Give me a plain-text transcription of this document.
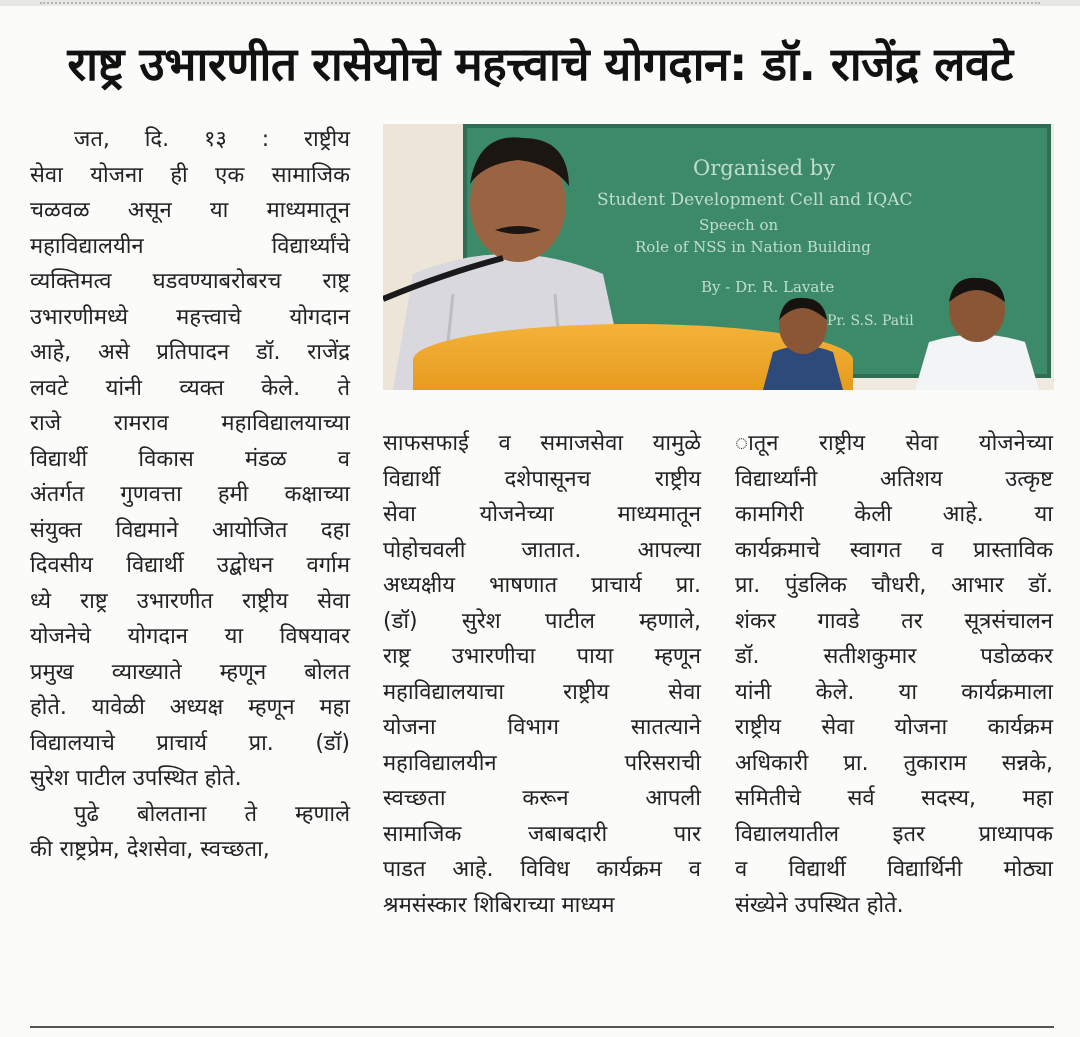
राष्ट्र उभारणीत रासेयोचे महत्त्वाचे योगदान: डॉ. राजेंद्र लवटे
Organised by
Student Development Cell and IQAC
Speech on
Role of NSS in Nation Building
By - Dr. R. Lavate
Pr. S.S. Patil
जत, दि. १३ : राष्ट्रीय
सेवा योजना ही एक सामाजिक
चळवळ असून या माध्यमातून
महाविद्यालयीन विद्यार्थ्यांचे
व्यक्तिमत्व घडवण्याबरोबरच राष्ट्र
उभारणीमध्ये महत्त्वाचे योगदान
आहे, असे प्रतिपादन डॉ. राजेंद्र
लवटे यांनी व्यक्त केले. ते
राजे रामराव महाविद्यालयाच्या
विद्यार्थी विकास मंडळ व
अंतर्गत गुणवत्ता हमी कक्षाच्या
संयुक्त विद्यमाने आयोजित दहा
दिवसीय विद्यार्थी उद्बोधन वर्गाम
ध्ये राष्ट्र उभारणीत राष्ट्रीय सेवा
योजनेचे योगदान या विषयावर
प्रमुख व्याख्याते म्हणून बोलत
होते. यावेळी अध्यक्ष म्हणून महा
विद्यालयाचे प्राचार्य प्रा. (डॉ)
सुरेश पाटील उपस्थित होते.
पुढे बोलताना ते म्हणाले
की राष्ट्रप्रेम, देशसेवा, स्वच्छता,
साफसफाई व समाजसेवा यामुळे
विद्यार्थी दशेपासूनच राष्ट्रीय
सेवा योजनेच्या माध्यमातून
पोहोचवली जातात. आपल्या
अध्यक्षीय भाषणात प्राचार्य प्रा.
(डॉ) सुरेश पाटील म्हणाले,
राष्ट्र उभारणीचा पाया म्हणून
महाविद्यालयाचा राष्ट्रीय सेवा
योजना विभाग सातत्याने
महाविद्यालयीन परिसराची
स्वच्छता करून आपली
सामाजिक जबाबदारी पार
पाडत आहे. विविध कार्यक्रम व
श्रमसंस्कार शिबिराच्या माध्यम
ातून राष्ट्रीय सेवा योजनेच्या
विद्यार्थ्यांनी अतिशय उत्कृष्ट
कामगिरी केली आहे. या
कार्यक्रमाचे स्वागत व प्रास्ताविक
प्रा. पुंडलिक चौधरी, आभार डॉ.
शंकर गावडे तर सूत्रसंचालन
डॉ. सतीशकुमार पडोळकर
यांनी केले. या कार्यक्रमाला
राष्ट्रीय सेवा योजना कार्यक्रम
अधिकारी प्रा. तुकाराम सन्नके,
समितीचे सर्व सदस्य, महा
विद्यालयातील इतर प्राध्यापक
व विद्यार्थी विद्यार्थिनी मोठ्या
संख्येने उपस्थित होते.
